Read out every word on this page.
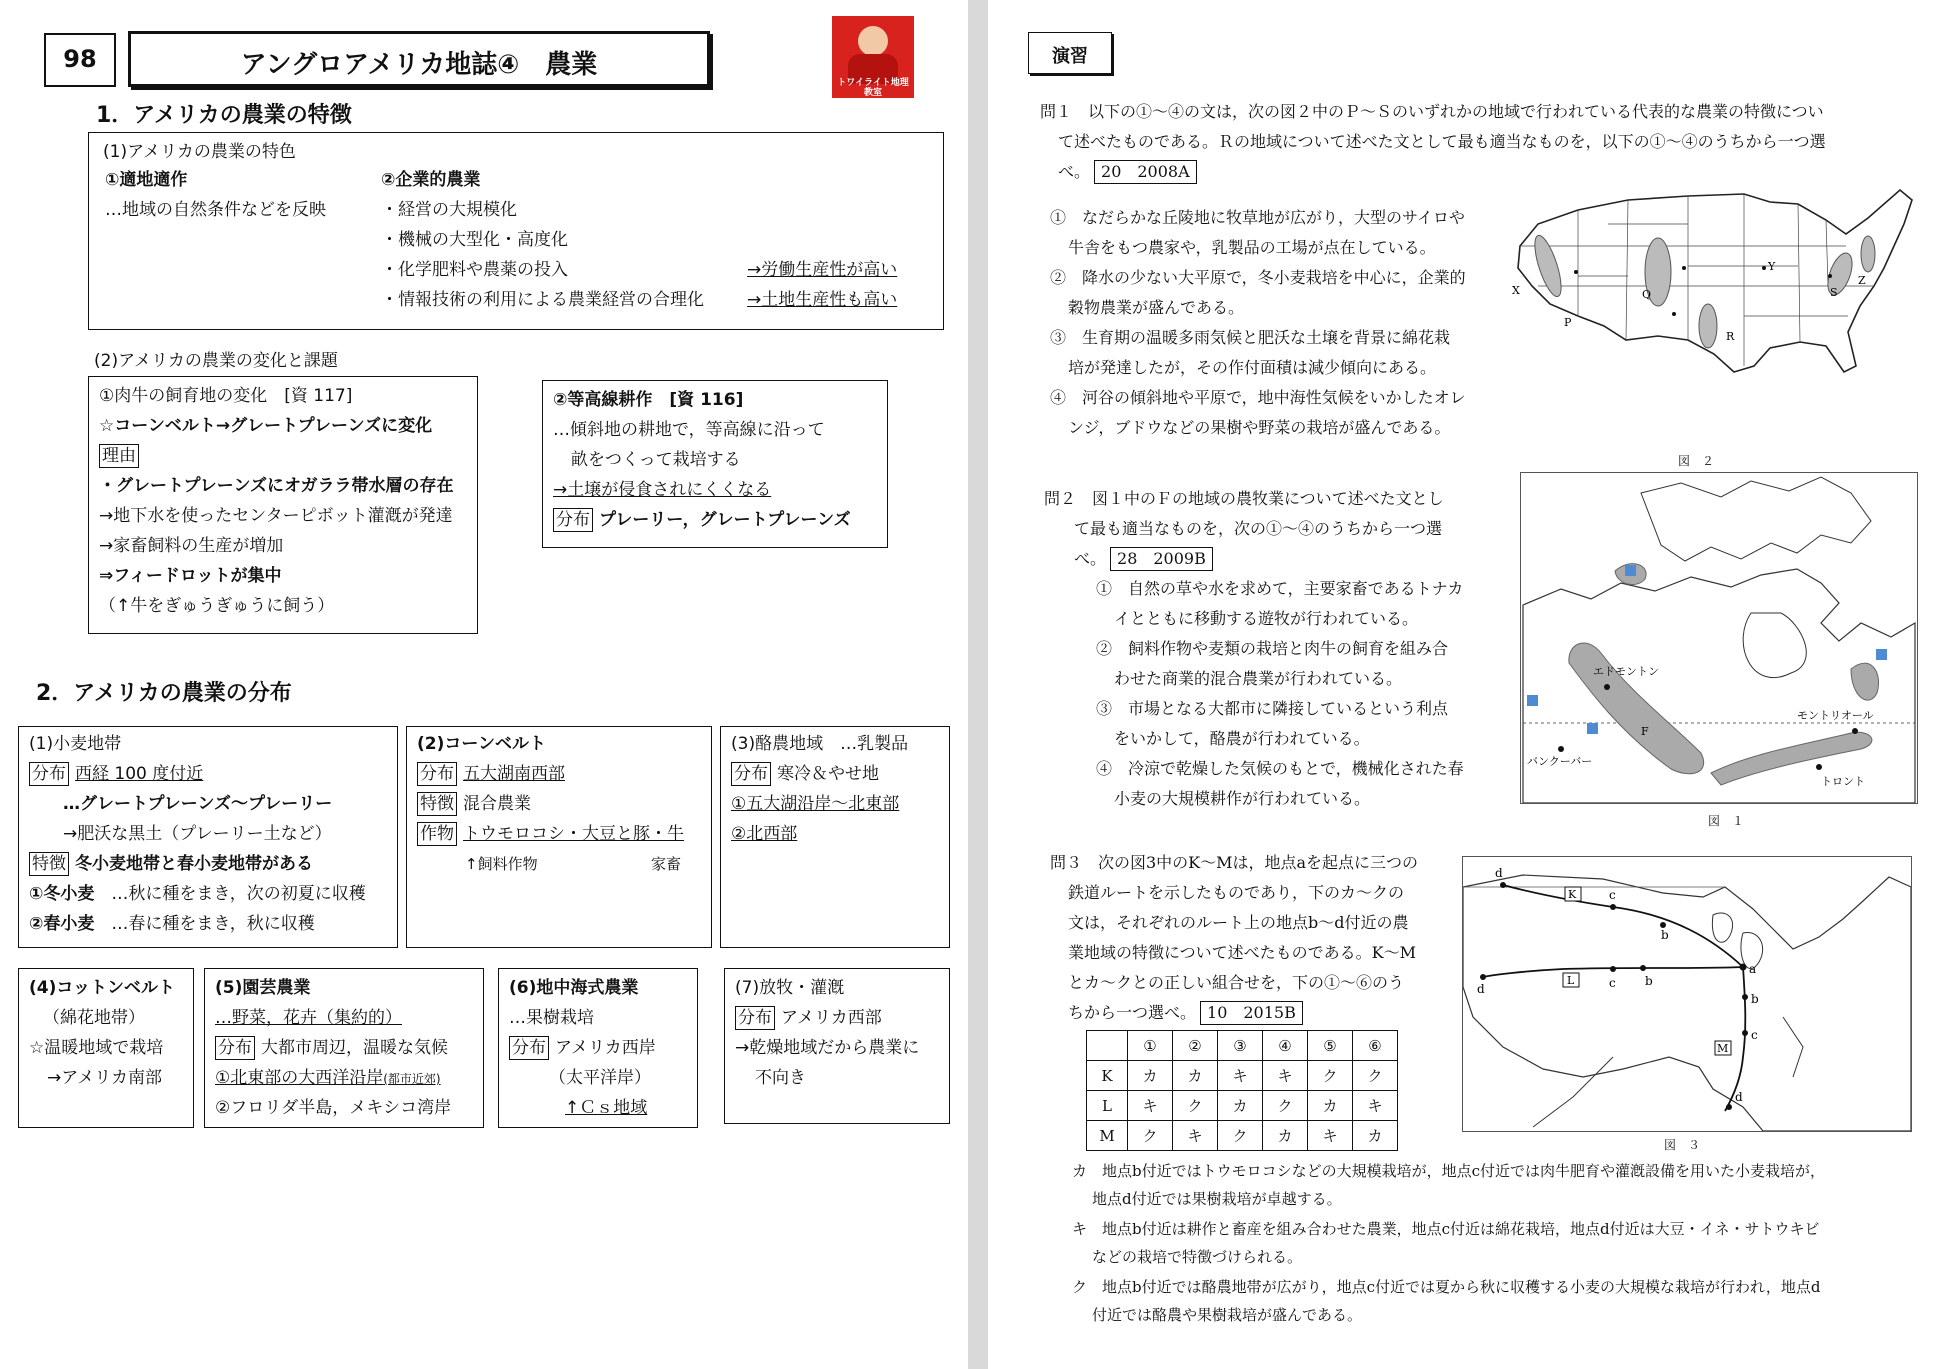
98	アングロアメリカ地誌④　農業
トワイライト地理教室
1．アメリカの農業の特徴
(1)アメリカの農業の特色
①適地適作
…地域の自然条件などを反映
②企業的農業
・経営の大規模化
・機械の大型化・高度化
・化学肥料や農薬の投入
・情報技術の利用による農業経営の合理化
→労働生産性が高い
→土地生産性も高い
(2)アメリカの農業の変化と課題
①肉牛の飼育地の変化　[資 117]
☆コーンベルト→グレートプレーンズに変化
理由
・グレートプレーンズにオガララ帯水層の存在
→地下水を使ったセンターピボット灌漑が発達
→家畜飼料の生産が増加
⇒フィードロットが集中
（↑牛をぎゅうぎゅうに飼う）
②等高線耕作　[資 116]
…傾斜地の耕地で，等高線に沿って
畝をつくって栽培する
→土壌が侵食されにくくなる
分布 プレーリー，グレートプレーンズ
2．アメリカの農業の分布
(1)小麦地帯
分布 西経 100 度付近
…グレートプレーンズ～プレーリー
→肥沃な黒土（プレーリー土など）
特徴 冬小麦地帯と春小麦地帯がある
①冬小麦　 …秋に種をまき，次の初夏に収穫
②春小麦　 …春に種をまき，秋に収穫
(2)コーンベルト
分布 五大湖南西部
特徴 混合農業
作物 トウモロコシ・大豆と豚・牛
↑飼料作物	家畜
(3)酪農地域　…乳製品
分布 寒冷＆やせ地
①五大湖沿岸～北東部
②北西部
(4)コットンベルト
（綿花地帯）
☆温暖地域で栽培
→アメリカ南部
(5)園芸農業
…野菜，花卉（集約的）
分布 大都市周辺，温暖な気候
①北東部の大西洋沿岸(都市近郊)
②フロリダ半島，メキシコ湾岸
(6)地中海式農業
…果樹栽培
分布 アメリカ西岸
（太平洋岸）
↑Ｃｓ地域
(7)放牧・灌漑
分布 アメリカ西部
→乾燥地域だから農業に
不向き
演習
問１　以下の①～④の文は，次の図２中のＰ～Ｓのいずれかの地域で行われている代表的な農業の特徴につい
て述べたものである。Ｒの地域について述べた文として最も適当なものを，以下の①～④のうちから一つ選
べ。 20　2008A
①　なだらかな丘陵地に牧草地が広がり，大型のサイロや
牛舎をもつ農家や，乳製品の工場が点在している。
②　降水の少ない大平原で，冬小麦栽培を中心に，企業的
穀物農業が盛んである。
③　生育期の温暖多雨気候と肥沃な土壌を背景に綿花栽
培が発達したが，その作付面積は減少傾向にある。
④　河谷の傾斜地や平原で，地中海性気候をいかしたオレ
ンジ，ブドウなどの果樹や野菜の栽培が盛んである。
X
P
Q
Y
S
Z
R
図　２
問２　図１中のＦの地域の農牧業について述べた文とし
て最も適当なものを，次の①～④のうちから一つ選
べ。 28　2009B
①　自然の草や水を求めて，主要家畜であるトナカ
イとともに移動する遊牧が行われている。
②　飼料作物や麦類の栽培と肉牛の飼育を組み合
わせた商業的混合農業が行われている。
③　市場となる大都市に隣接しているという利点
をいかして，酪農が行われている。
④　冷涼で乾燥した気候のもとで，機械化された春
小麦の大規模耕作が行われている。
エドモントン
F
モントリオール
バンクーバー
トロント
図　１
問３　次の図3中のK～Mは，地点aを起点に三つの
鉄道ルートを示したものであり，下のカ～クの
文は，それぞれのルート上の地点b～d付近の農
業地域の特徴について述べたものである。K～M
とカ～クとの正しい組合せを，下の①～⑥のう
ちから一つ選べ。 10　2015B
	①	②	③	④	⑤	⑥
K	カ	カ	キ	キ	ク	ク
L	キ	ク	カ	ク	カ	キ
M	ク	キ	ク	カ	キ	カ
d
K	c
b
a
L
d	c b
b
c
M
d
図　３
カ　地点b付近ではトウモロコシなどの大規模栽培が，地点c付近では肉牛肥育や灌漑設備を用いた小麦栽培が，
地点d付近では果樹栽培が卓越する。
キ　地点b付近は耕作と畜産を組み合わせた農業，地点c付近は綿花栽培，地点d付近は大豆・イネ・サトウキビ
などの栽培で特徴づけられる。
ク　地点b付近では酪農地帯が広がり，地点c付近では夏から秋に収穫する小麦の大規模な栽培が行われ，地点d
付近では酪農や果樹栽培が盛んである。
